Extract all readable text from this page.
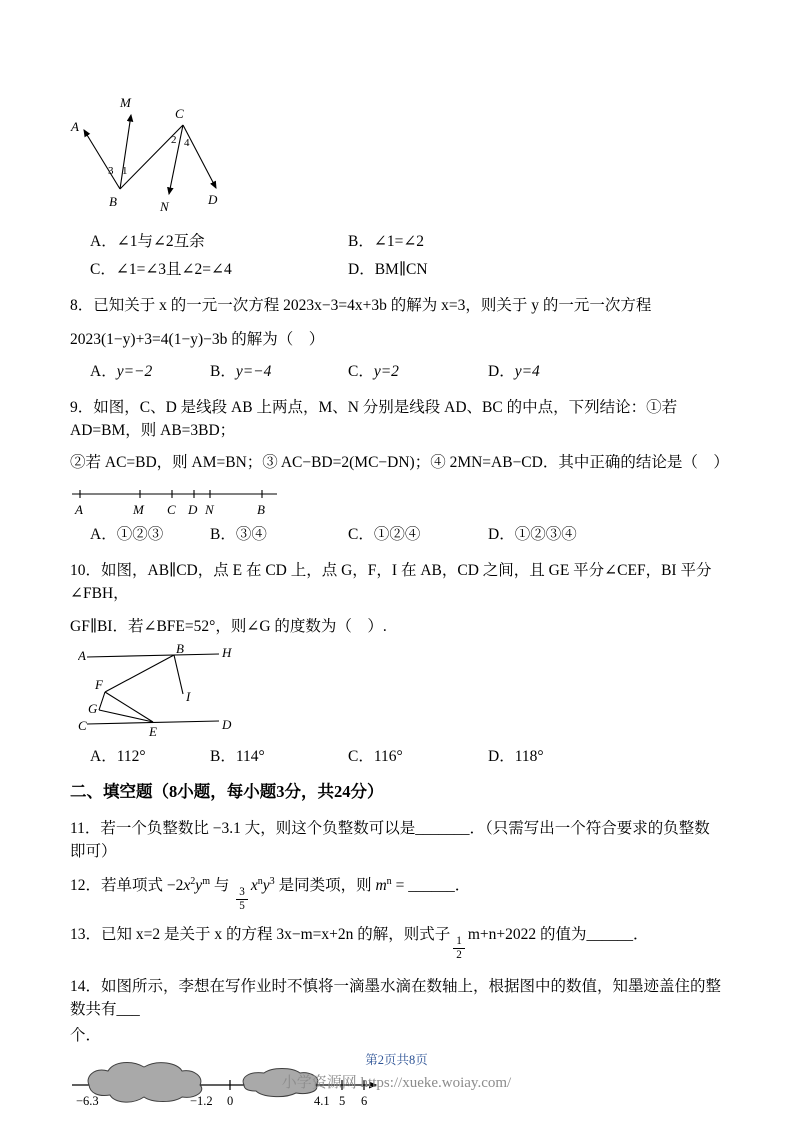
A
M
C
B	N	D
3 1
2 4
A．∠1与∠2互余	B．∠1=∠2
C．∠1=∠3且∠2=∠4	D．BM∥CN

8．已知关于 x 的一元一次方程 2023x−3=4x+3b 的解为 x=3，则关于 y 的一元一次方程

2023(1−y)+3=4(1−y)−3b 的解为（　）

A．y=−2	B．y=−4	C．y=2	D．y=4

9．如图，C、D 是线段 AB 上两点，M、N 分别是线段 AD、BC 的中点，下列结论：①若 AD=BM，则 AB=3BD；

②若 AC=BD，则 AM=BN；③ AC−BD=2(MC−DN)；④ 2MN=AB−CD．其中正确的结论是（　）

A	M C D N	B
A．①②③	B．③④	C．①②④	D．①②③④

10．如图，AB∥CD，点 E 在 CD 上，点 G，F，I 在 AB，CD 之间，且 GE 平分∠CEF，BI 平分∠FBH，

GF∥BI．若∠BFE=52°，则∠G 的度数为（　）.

A	H
B
F
I
G
C	E	D
A．112°	B．114°	C．116°	D．118°
二、填空题（8小题，每小题3分，共24分）

11．若一个负整数比 −3.1 大，则这个负整数可以是_______．（只需写出一个符合要求的负整数即可）

12．若单项式 $-2x^2y^m$ 与
$\frac{3}{5}$
$x^ny^3$ 是同类项，则 $m^n$ = ______．

13．已知 x=2 是关于 x 的方程 3x−m=x+2n 的解，则式子
$\frac{1}{2}$
m+n+2022 的值为______．

14．如图所示，李想在写作业时不慎将一滴墨水滴在数轴上，根据图中的数值，知墨迹盖住的整数共有___

个．

−6.3	−1.2 0	4.1 5 6
第2页共8页
小学资源网 https://xueke.woiay.com/
